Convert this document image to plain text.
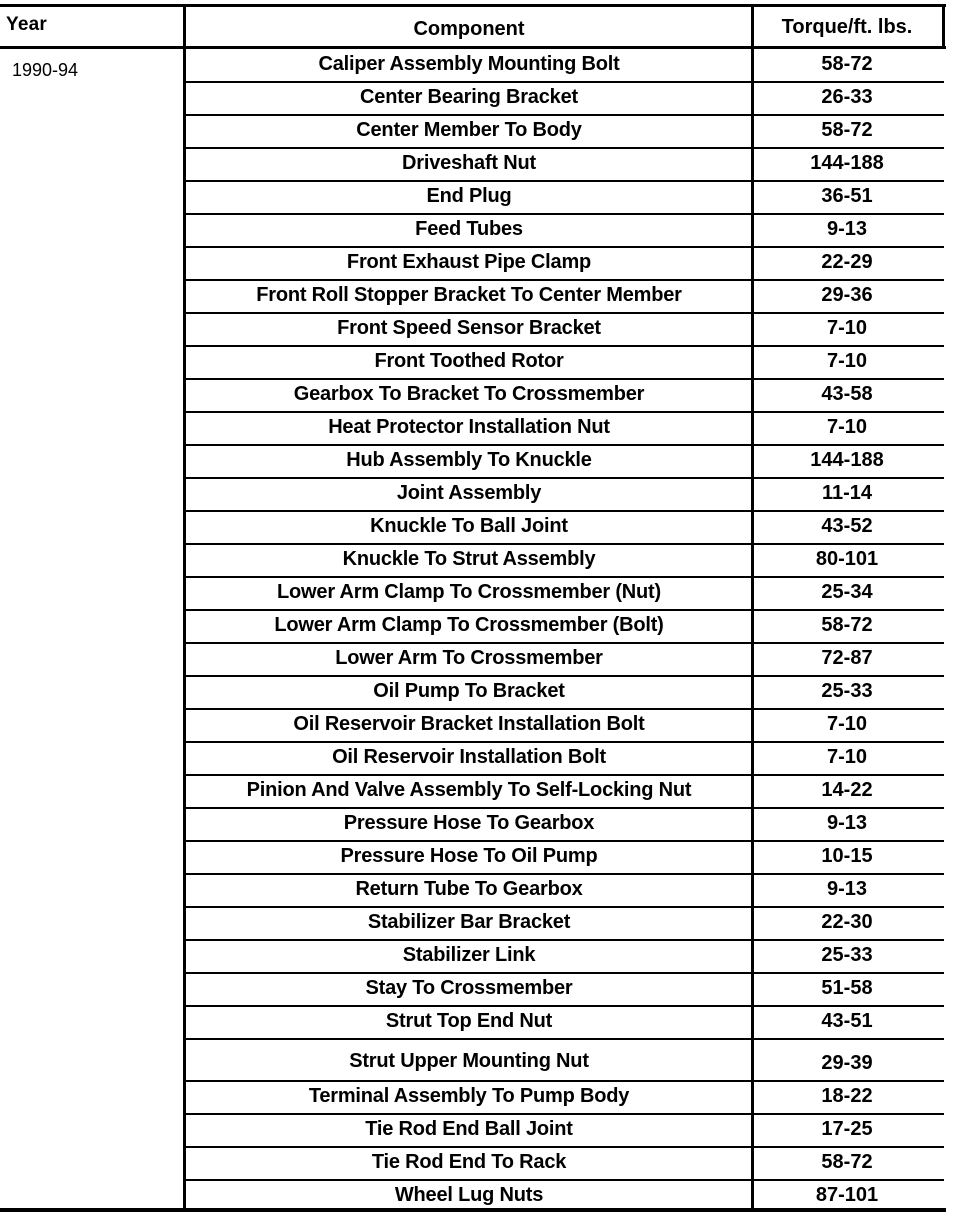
Year	Component	Torque/ft. lbs.
1990-94	Caliper Assembly Mounting Bolt	58-72
Center Bearing Bracket	26-33
Center Member To Body	58-72
Driveshaft Nut	144-188
End Plug	36-51
Feed Tubes	9-13
Front Exhaust Pipe Clamp	22-29
Front Roll Stopper Bracket To Center Member	29-36
Front Speed Sensor Bracket	7-10
Front Toothed Rotor	7-10
Gearbox To Bracket To Crossmember	43-58
Heat Protector Installation Nut	7-10
Hub Assembly To Knuckle	144-188
Joint Assembly	11-14
Knuckle To Ball Joint	43-52
Knuckle To Strut Assembly	80-101
Lower Arm Clamp To Crossmember (Nut)	25-34
Lower Arm Clamp To Crossmember (Bolt)	58-72
Lower Arm To Crossmember	72-87
Oil Pump To Bracket	25-33
Oil Reservoir Bracket Installation Bolt	7-10
Oil Reservoir Installation Bolt	7-10
Pinion And Valve Assembly To Self-Locking Nut	14-22
Pressure Hose To Gearbox	9-13
Pressure Hose To Oil Pump	10-15
Return Tube To Gearbox	9-13
Stabilizer Bar Bracket	22-30
Stabilizer Link	25-33
Stay To Crossmember	51-58
Strut Top End Nut	43-51
Strut Upper Mounting Nut	29-39
Terminal Assembly To Pump Body	18-22
Tie Rod End Ball Joint	17-25
Tie Rod End To Rack	58-72
Wheel Lug Nuts	87-101
